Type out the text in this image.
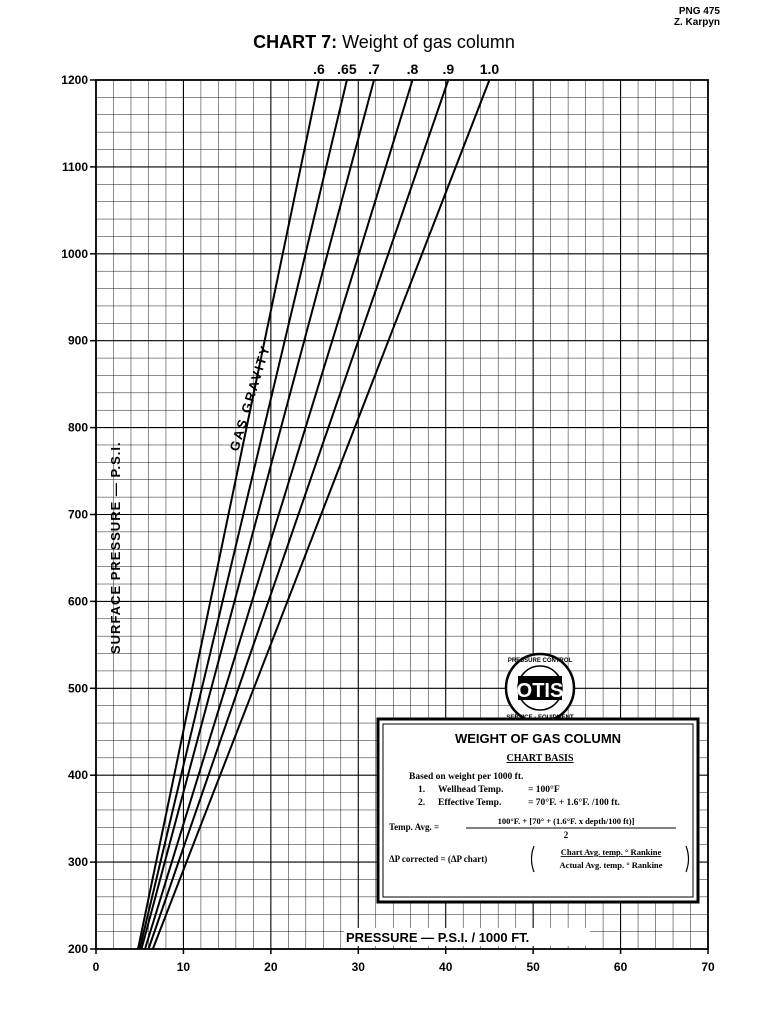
PNG 475
Z. Karpyn
CHART 7: Weight of gas column
0	10	20	30	40	50	60	70
200
300
400
500
600
700
800
900
1000
1100
1200
.6 .65 .7 .8 .9 1.0
SURFACE PRESSURE — P.S.I.
GAS GRAVITY
PRESSURE — P.S.I. / 1000 FT.
OTIS
PRESSURE CONTROL
WEIGHT OF GAS COLUMN
CHART BASIS
Based on weight per 1000 ft.
1. Wellhead Temp.	= 100°F
2. Effective Temp.	= 70°F. + 1.6°F. /100 ft.
Temp. Avg. =
100°F. + [70° + (1.6°F. x depth/100 ft)]
2
ΔP corrected = (ΔP chart)
Chart Avg. temp. ° Rankine
Actual Avg. temp. ° Rankine
